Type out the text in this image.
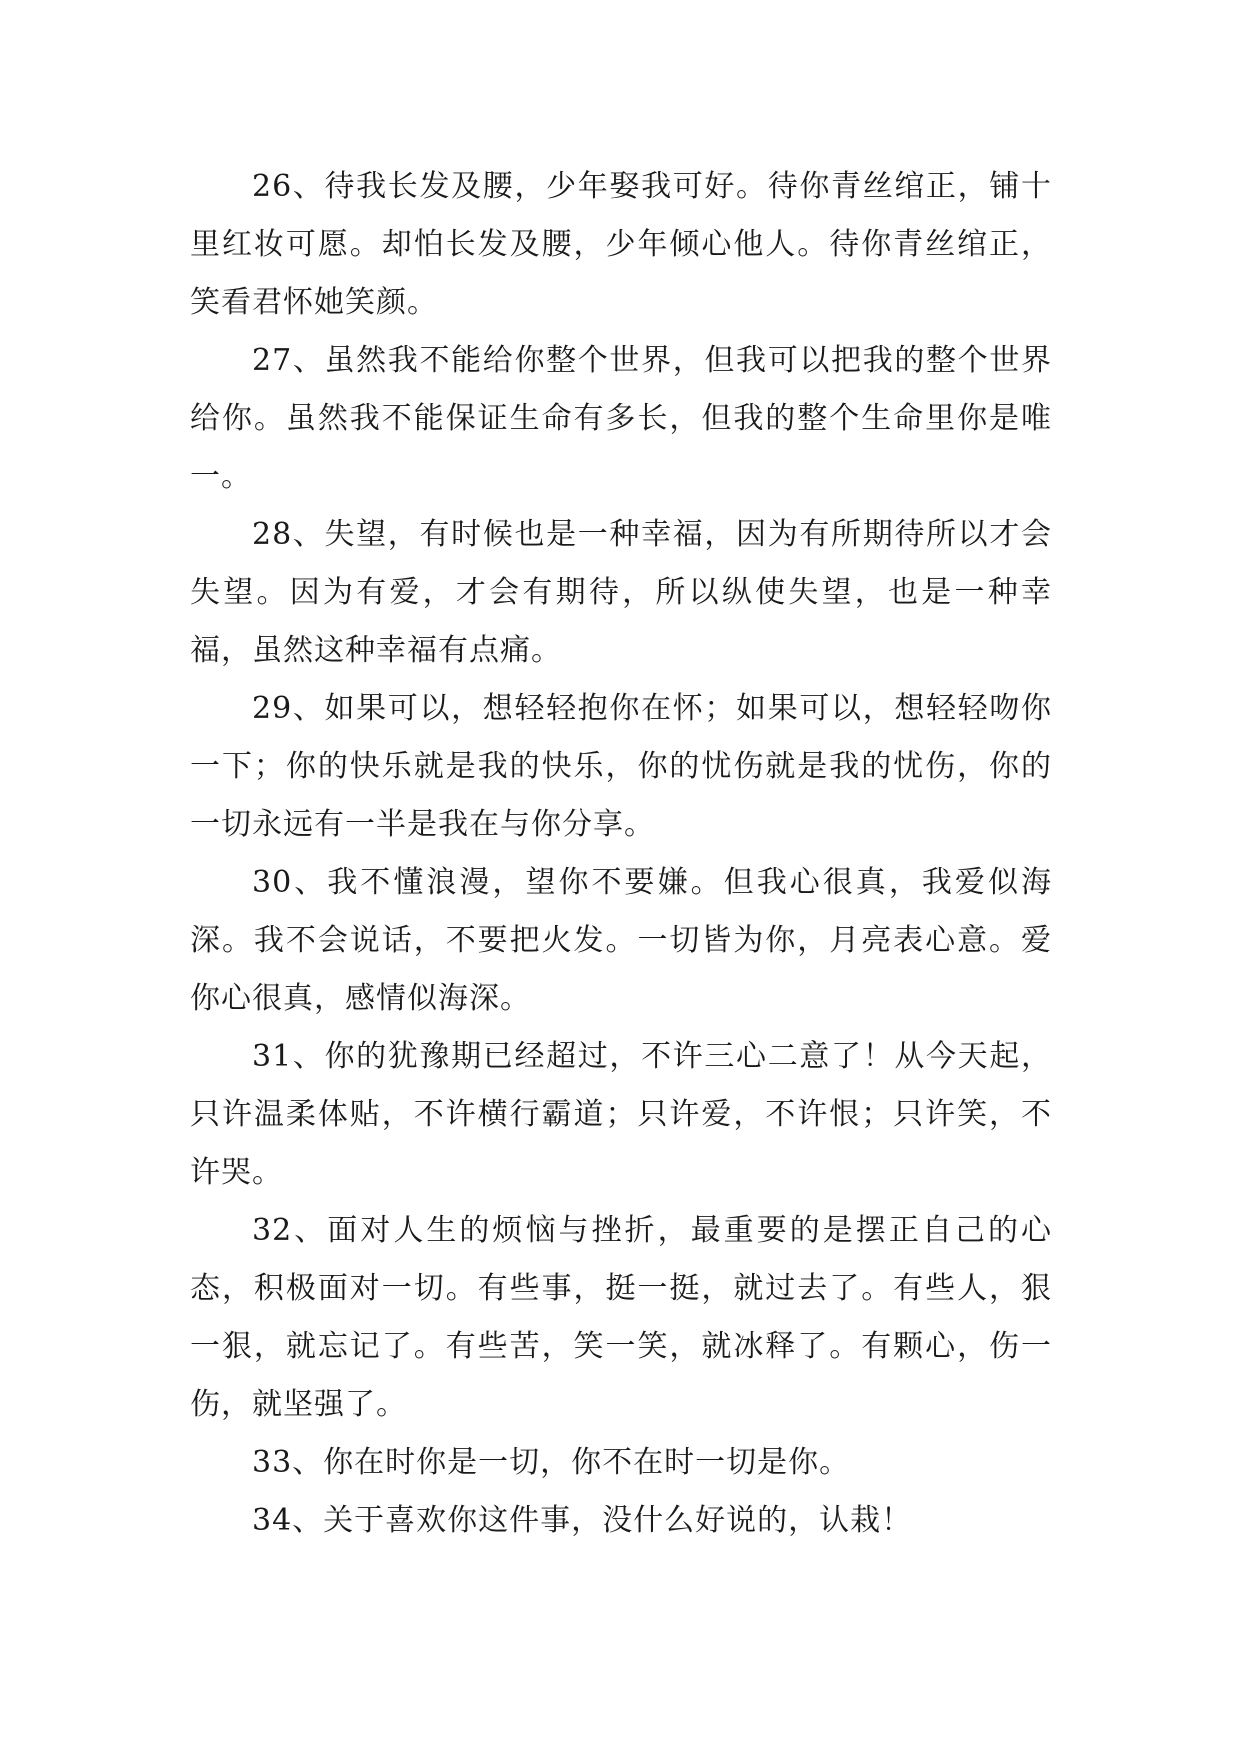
26、待我长发及腰，少年娶我可好。待你青丝绾正，铺十里红妆可愿。却怕长发及腰，少年倾心他人。待你青丝绾正，笑看君怀她笑颜。

27、虽然我不能给你整个世界，但我可以把我的整个世界给你。虽然我不能保证生命有多长，但我的整个生命里你是唯一。

28、失望，有时候也是一种幸福，因为有所期待所以才会失望。因为有爱，才会有期待，所以纵使失望，也是一种幸福，虽然这种幸福有点痛。

29、如果可以，想轻轻抱你在怀；如果可以，想轻轻吻你一下；你的快乐就是我的快乐，你的忧伤就是我的忧伤，你的一切永远有一半是我在与你分享。

30、我不懂浪漫，望你不要嫌。但我心很真，我爱似海深。我不会说话，不要把火发。一切皆为你，月亮表心意。爱你心很真，感情似海深。

31、你的犹豫期已经超过，不许三心二意了！从今天起，只许温柔体贴，不许横行霸道；只许爱，不许恨；只许笑，不许哭。

32、面对人生的烦恼与挫折，最重要的是摆正自己的心态，积极面对一切。有些事，挺一挺，就过去了。有些人，狠一狠，就忘记了。有些苦，笑一笑，就冰释了。有颗心，伤一伤，就坚强了。

33、你在时你是一切，你不在时一切是你。

34、关于喜欢你这件事，没什么好说的，认栽！
